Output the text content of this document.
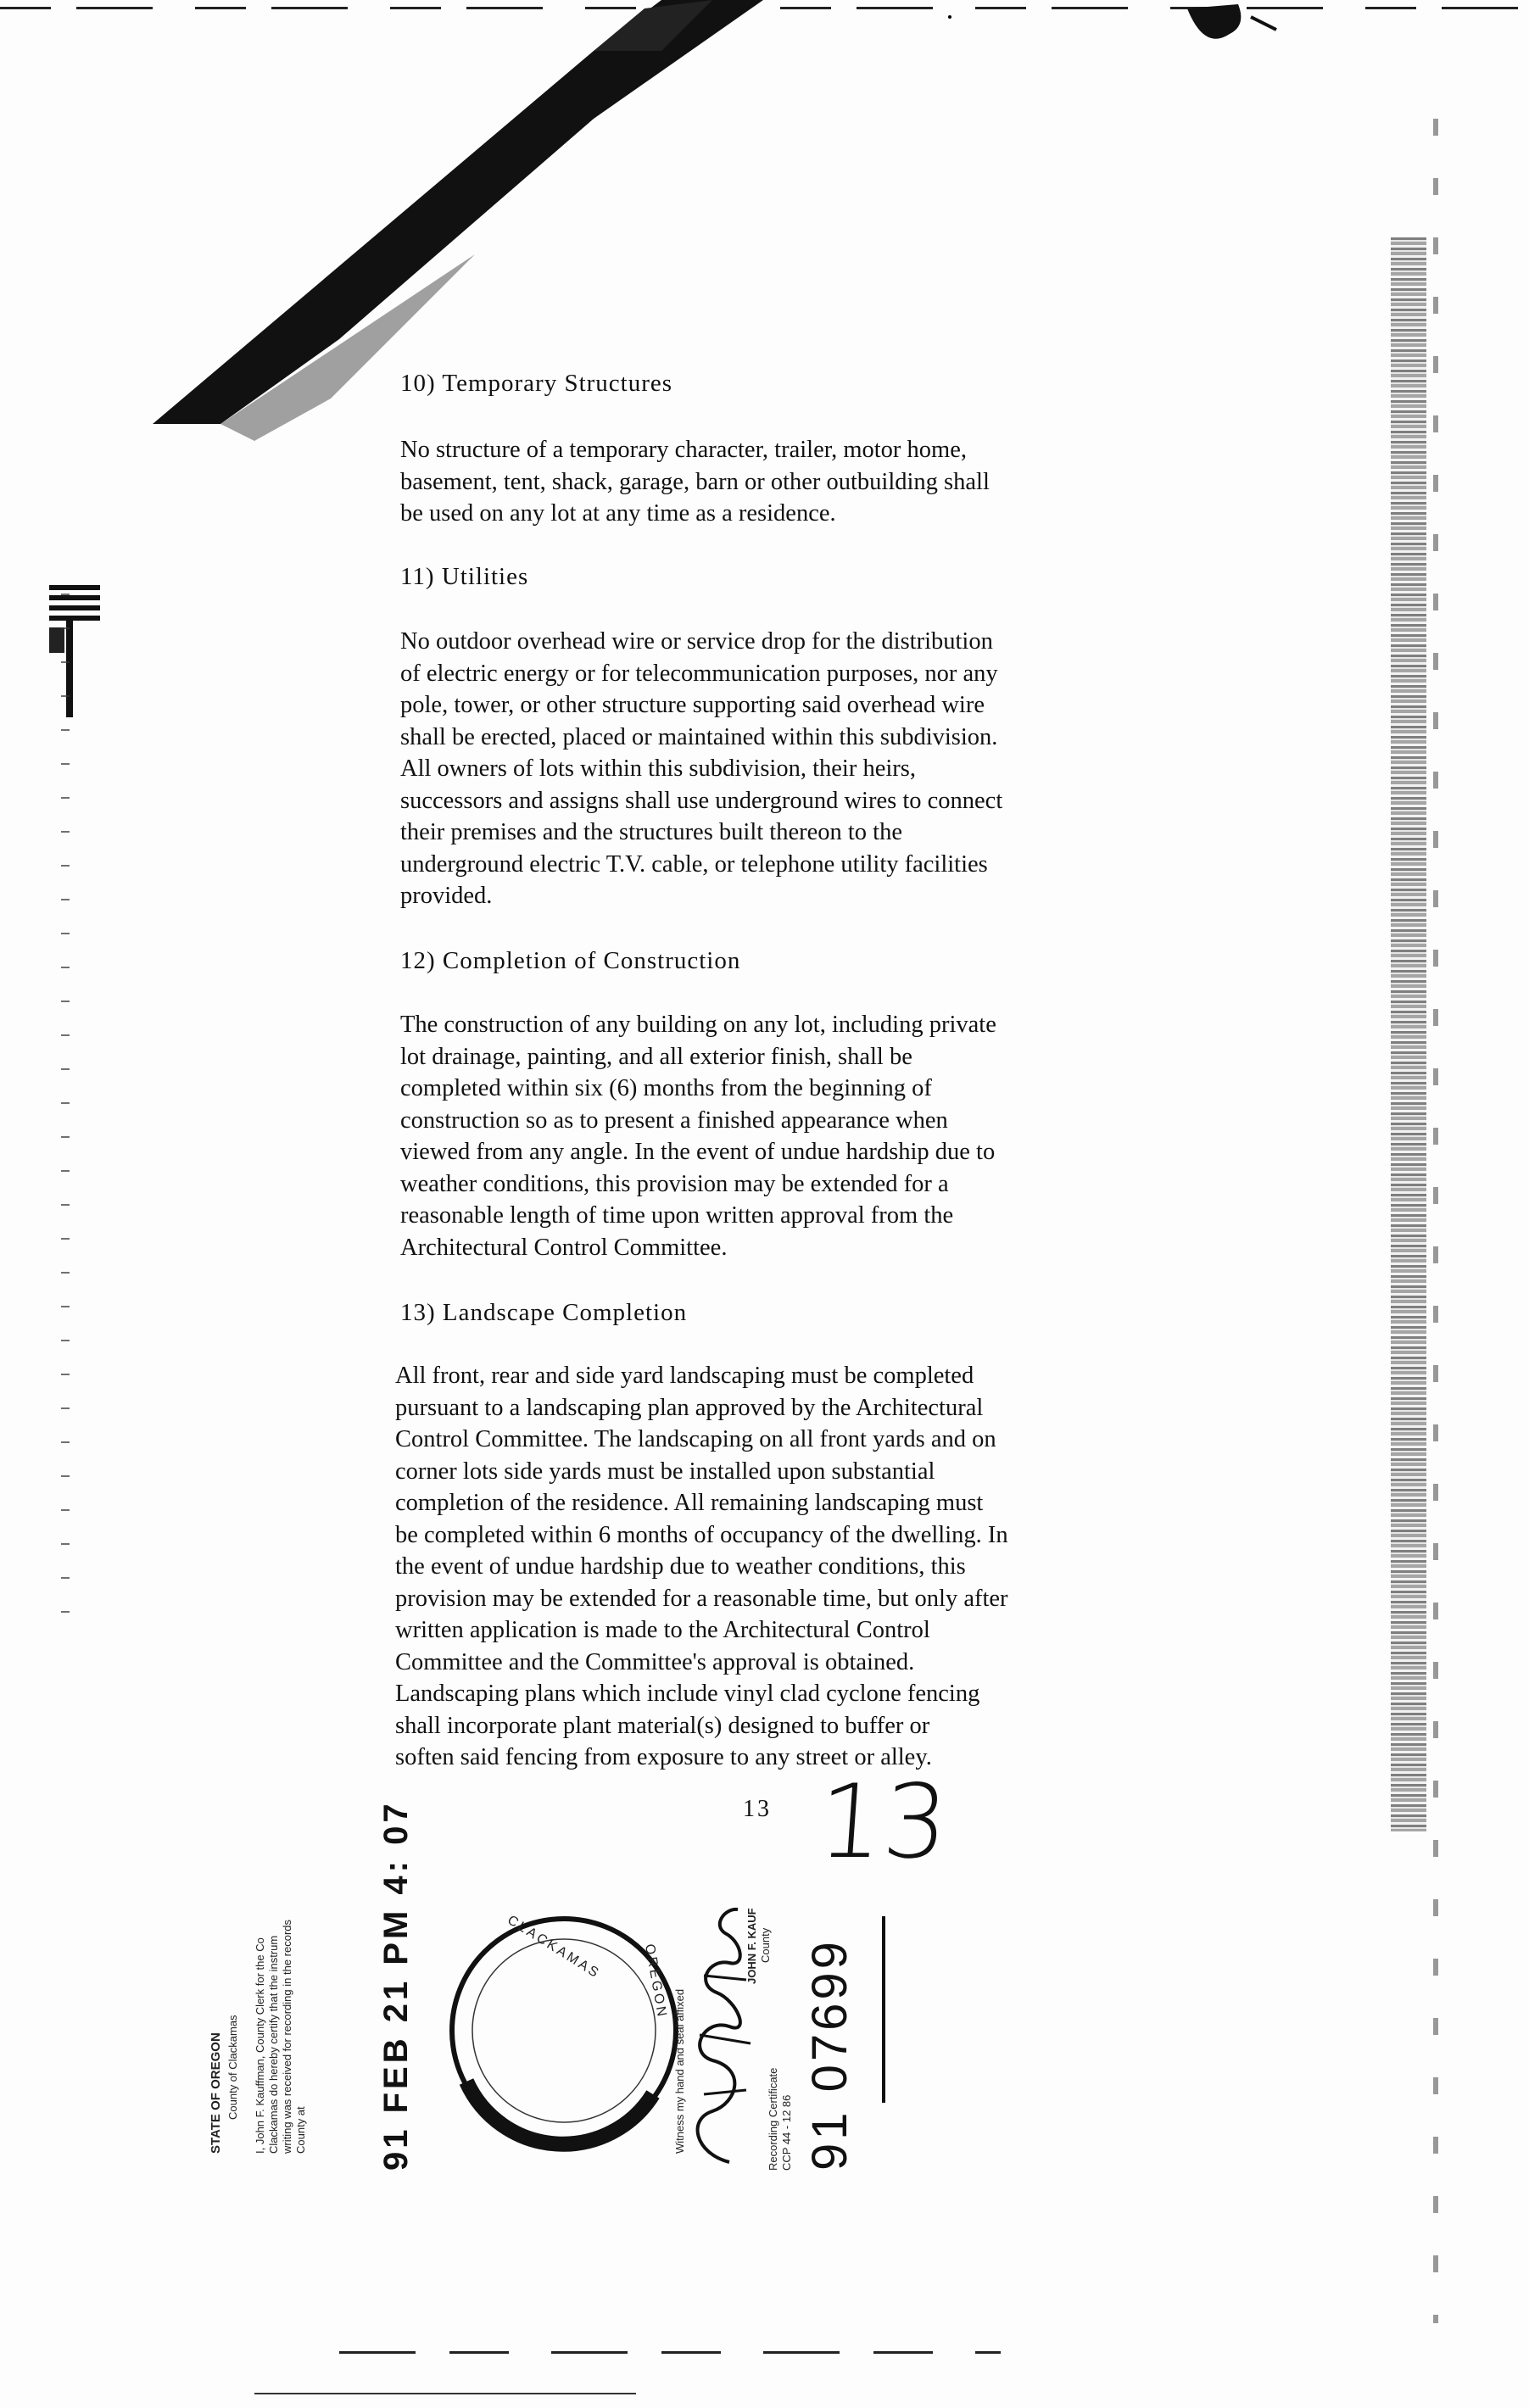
10) Temporary Structures
No structure of a temporary character, trailer, motor home,
basement, tent, shack, garage, barn or other outbuilding shall
be used on any lot at any time as a residence.
11) Utilities
No outdoor overhead wire or service drop for the distribution
of electric energy or for telecommunication purposes, nor any
pole, tower, or other structure supporting said overhead wire
shall be erected, placed or maintained within this subdivision.
All owners of lots within this subdivision, their heirs,
successors and assigns shall use underground wires to connect
their premises and the structures built thereon to the
underground electric T.V. cable, or telephone utility facilities
provided.
12) Completion of Construction
The construction of any building on any lot, including private
lot drainage, painting, and all exterior finish, shall be
completed within six (6) months from the beginning of
construction so as to present a finished appearance when
viewed from any angle. In the event of undue hardship due to
weather conditions, this provision may be extended for a
reasonable length of time upon written approval from the
Architectural Control Committee.
13) Landscape Completion
All front, rear and side yard landscaping must be completed
pursuant to a landscaping plan approved by the Architectural
Control Committee. The landscaping on all front yards and on
corner lots side yards must be installed upon substantial
completion of the residence. All remaining landscaping must
be completed within 6 months of occupancy of the dwelling. In
the event of undue hardship due to weather conditions, this
provision may be extended for a reasonable time, but only after
written application is made to the Architectural Control
Committee and the Committee's approval is obtained.
Landscaping plans which include vinyl clad cyclone fencing
shall incorporate plant material(s) designed to buffer or
soften said fencing from exposure to any street or alley.
13 13
STATE OF OREGON County of Clackamas I, John F. Kauffman, County Clerk for the Co Clackamas do hereby certify that the instrum writing was received for recording in the records County at 91 FEB 21 PM 4: 07	CLACKAMAS	OREGON
Witness my hand and seal affixed
JOHN F. KAUF County
Recording Certificate CCP 44 - 12 86 91 07699
